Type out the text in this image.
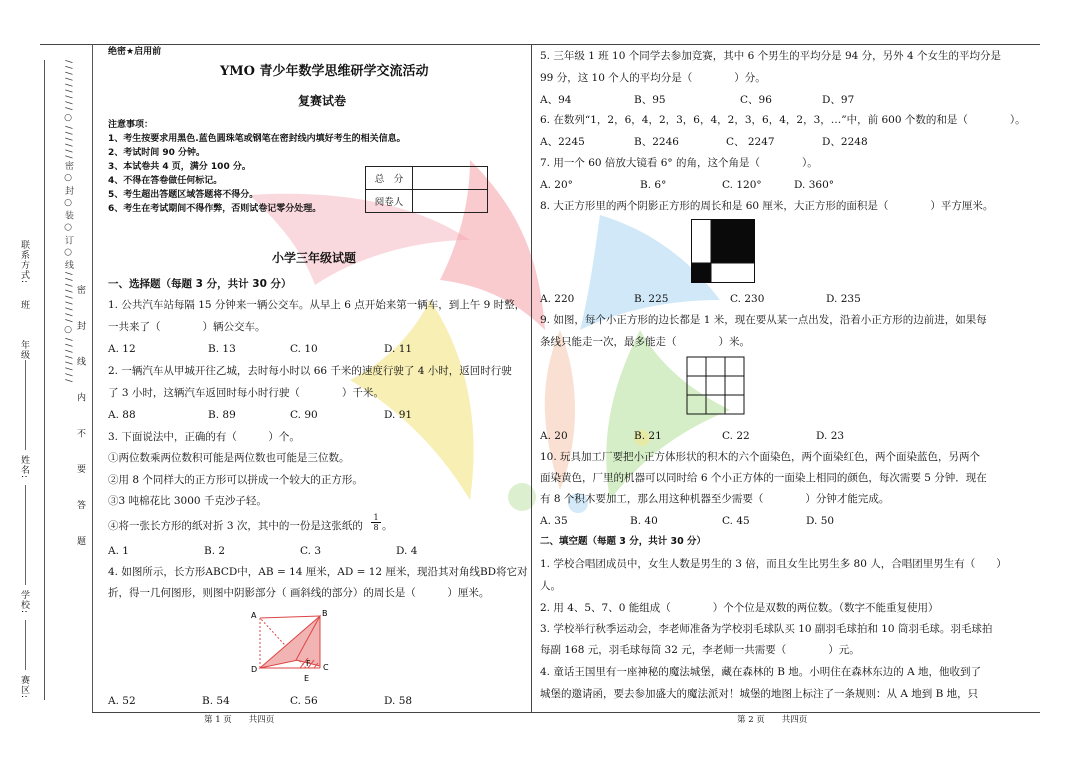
联系方式:
班
年级
姓名:
学校:
赛区:
/ / / / / / / / / ○ / / / / / / 密 ○ 封 ○ 装 ○ 订 ○ 线 / / / / / / / / / ○ / / / / / / / /
密 封 线 内 不 要 答 题
绝密★启用前
YMO 青少年数学思维研学交流活动
复赛试卷
注意事项：
1、考生按要求用黑色.蓝色圆珠笔或钢笔在密封线内填好考生的相关信息。
2、考试时间 90 分钟。
3、本试卷共 4 页，满分 100 分。
4、不得在答卷做任何标记。
5、考生超出答题区域答题将不得分。
6、考生在考试期间不得作弊，否则试卷记零分处理。
总　分	
阅卷人	
小学三年级试题
一、选择题（每题 3 分，共计 30 分）
1. 公共汽车站每隔 15 分钟来一辆公交车。从早上 6 点开始来第一辆车，到上午 9 时整，
一共来了（　　　　）辆公交车。
A. 12	B. 13	C. 10	D. 11
2. 一辆汽车从甲城开往乙城，去时每小时以 66 千米的速度行驶了 4 小时，返回时行驶
了 3 小时，这辆汽车返回时每小时行驶（　　　　）千米。
A. 88	B. 89	C. 90	D. 91
3. 下面说法中，正确的有（　　　）个。
①两位数乘两位数积可能是两位数也可能是三位数。
②用 8 个同样大的正方形可以拼成一个较大的正方形。
③3 吨棉花比 3000 千克沙子轻。
④将一张长方形的纸对折 3 次，其中的一份是这张纸的 $\frac{1}{8}$ 。
A. 1	B. 2	C. 3	D. 4
4. 如图所示，长方形ABCD中，AB = 14 厘米，AD = 12 厘米，现沿其对角线BD将它对
折，得一几何图形，则图中阴影部分（ 画斜线的部分）的周长是（　　　）厘米。
A	B
D
F C
E
A. 52	B. 54	C. 56	D. 58
5. 三年级 1 班 10 个同学去参加竞赛，其中 6 个男生的平均分是 94 分，另外 4 个女生的平均分是
99 分，这 10 个人的平均分是（　　　　）分。
A、94	B、95	C、96	D、97
6. 在数列“1，2，6，4，2，3，6，4，2，3，6，4，2，3，…”中，前 600 个数的和是（　　　　）。
A、2245	B、2246	C、 2247	D、2248
7. 用一个 60 倍放大镜看 6° 的角，这个角是（　　　　）。
A. 20°	B. 6°	C. 120°	D. 360°
8. 大正方形里的两个阴影正方形的周长和是 60 厘米，大正方形的面积是（　　　　）平方厘米。
A. 220	B. 225	C. 230	D. 235
9. 如图，每个小正方形的边长都是 1 米，现在要从某一点出发，沿着小正方形的边前进，如果每
条线只能走一次，最多能走（　　　　）米。
A. 20	B. 21	C. 22	D. 23
10. 玩具加工厂要把小正方体形状的积木的六个面染色，两个面染红色，两个面染蓝色，另两个
面染黄色，厂里的机器可以同时给 6 个小正方体的一面染上相同的颜色，每次需要 5 分钟．现在
有 8 个积木要加工，那么用这种机器至少需要（　　　　）分钟才能完成。
A. 35	B. 40	C. 45	D. 50
二、填空题（每题 3 分，共计 30 分）
1. 学校合唱团成员中，女生人数是男生的 3 倍，而且女生比男生多 80 人，合唱团里男生有（　　）
人。
2. 用 4、5、7、0 能组成（　　　　）个个位是双数的两位数。（数字不能重复使用）
3. 学校举行秋季运动会，李老师准备为学校羽毛球队买 10 副羽毛球拍和 10 筒羽毛球。羽毛球拍
每副 168 元，羽毛球每筒 32 元，李老师一共需要（　　　　）元。
4. 童话王国里有一座神秘的魔法城堡，藏在森林的 B 地。小明住在森林东边的 A 地，他收到了
城堡的邀请函，要去参加盛大的魔法派对！城堡的地图上标注了一条规则：从 A 地到 B 地，只
第 1 页　　共四页	第 2 页　　共四页
